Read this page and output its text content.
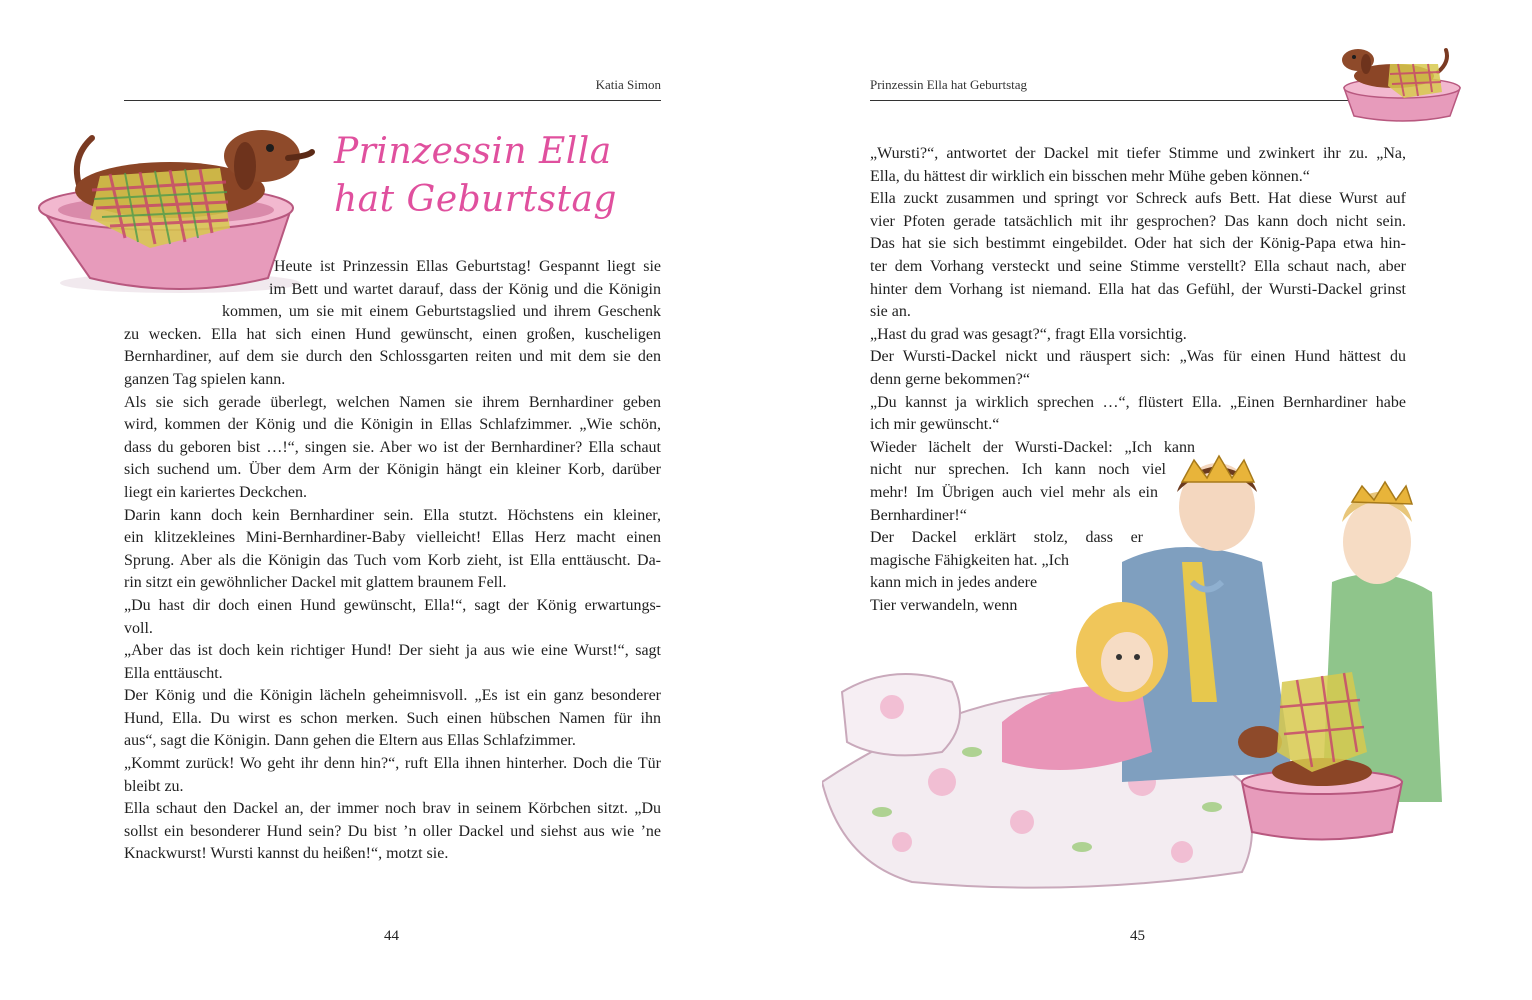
Katia Simon
Prinzessin Ella
hat Geburtstag
Heute ist Prinzessin Ellas Geburtstag! Gespannt liegt sie
im Bett und wartet darauf, dass der König und die Königin
kommen, um sie mit einem Geburtstagslied und ihrem Geschenk
zu wecken. Ella hat sich einen Hund gewünscht, einen großen, kuscheligen
Bernhardiner, auf dem sie durch den Schlossgarten reiten und mit dem sie den
ganzen Tag spielen kann.
Als sie sich gerade überlegt, welchen Namen sie ihrem Bernhardiner geben
wird, kommen der König und die Königin in Ellas Schlafzimmer. „Wie schön,
dass du geboren bist …!“, singen sie. Aber wo ist der Bernhardiner? Ella schaut
sich suchend um. Über dem Arm der Königin hängt ein kleiner Korb, darüber
liegt ein kariertes Deckchen.
Darin kann doch kein Bernhardiner sein. Ella stutzt. Höchstens ein kleiner,
ein klitzekleines Mini-Bernhardiner-Baby vielleicht! Ellas Herz macht einen
Sprung. Aber als die Königin das Tuch vom Korb zieht, ist Ella enttäuscht. Da-
rin sitzt ein gewöhnlicher Dackel mit glattem braunem Fell.
„Du hast dir doch einen Hund gewünscht, Ella!“, sagt der König erwartungs-
voll.
„Aber das ist doch kein richtiger Hund! Der sieht ja aus wie eine Wurst!“, sagt
Ella enttäuscht.
Der König und die Königin lächeln geheimnisvoll. „Es ist ein ganz besonderer
Hund, Ella. Du wirst es schon merken. Such einen hübschen Namen für ihn
aus“, sagt die Königin. Dann gehen die Eltern aus Ellas Schlafzimmer.
„Kommt zurück! Wo geht ihr denn hin?“, ruft Ella ihnen hinterher. Doch die Tür
bleibt zu.
Ella schaut den Dackel an, der immer noch brav in seinem Körbchen sitzt. „Du
sollst ein besonderer Hund sein? Du bist ’n oller Dackel und siehst aus wie ’ne
Knackwurst! Wursti kannst du heißen!“, motzt sie.
44
Prinzessin Ella hat Geburtstag
„Wursti?“, antwortet der Dackel mit tiefer Stimme und zwinkert ihr zu. „Na,
Ella, du hättest dir wirklich ein bisschen mehr Mühe geben können.“
Ella zuckt zusammen und springt vor Schreck aufs Bett. Hat diese Wurst auf
vier Pfoten gerade tatsächlich mit ihr gesprochen? Das kann doch nicht sein.
Das hat sie sich bestimmt eingebildet. Oder hat sich der König-Papa etwa hin-
ter dem Vorhang versteckt und seine Stimme verstellt? Ella schaut nach, aber
hinter dem Vorhang ist niemand. Ella hat das Gefühl, der Wursti-Dackel grinst
sie an.
„Hast du grad was gesagt?“, fragt Ella vorsichtig.
Der Wursti-Dackel nickt und räuspert sich: „Was für einen Hund hättest du
denn gerne bekommen?“
„Du kannst ja wirklich sprechen …“, flüstert Ella. „Einen Bernhardiner habe
ich mir gewünscht.“
Wieder lächelt der Wursti-Dackel: „Ich kann
nicht nur sprechen. Ich kann noch viel
mehr! Im Übrigen auch viel mehr als ein
Bernhardiner!“
Der Dackel erklärt stolz, dass er
magische Fähigkeiten hat. „Ich
kann mich in jedes andere
Tier verwandeln, wenn
45
